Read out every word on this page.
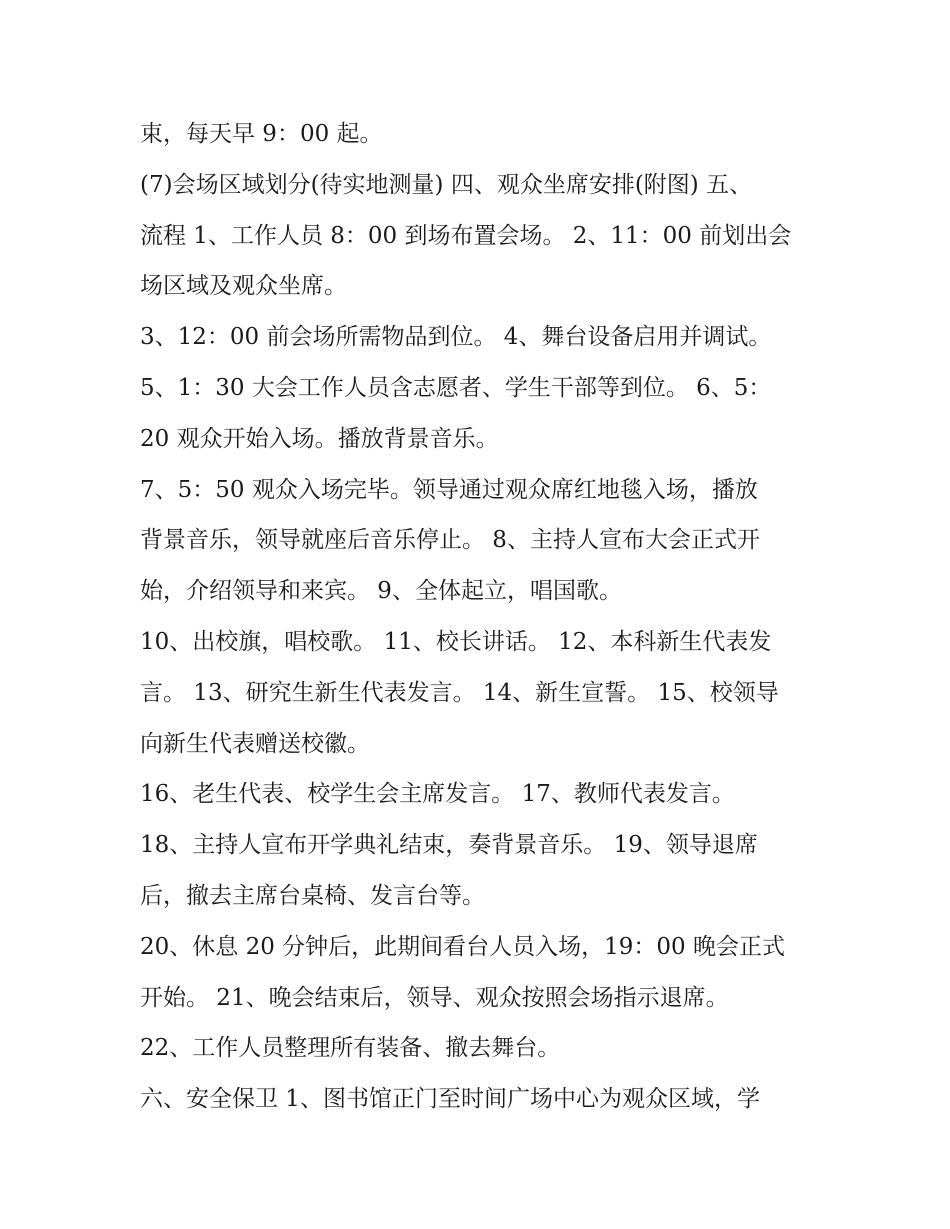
束，每天早 9：00 起。
(7)会场区域划分(待实地测量) 四、观众坐席安排(附图) 五、
流程 1、工作人员 8：00 到场布置会场。 2、11：00 前划出会
场区域及观众坐席。
3、12：00 前会场所需物品到位。 4、舞台设备启用并调试。
5、1：30 大会工作人员含志愿者、学生干部等到位。 6、5：
20 观众开始入场。播放背景音乐。
7、5：50 观众入场完毕。领导通过观众席红地毯入场，播放
背景音乐，领导就座后音乐停止。 8、主持人宣布大会正式开
始，介绍领导和来宾。 9、全体起立，唱国歌。
10、出校旗，唱校歌。 11、校长讲话。 12、本科新生代表发
言。 13、研究生新生代表发言。 14、新生宣誓。 15、校领导
向新生代表赠送校徽。
16、老生代表、校学生会主席发言。 17、教师代表发言。
18、主持人宣布开学典礼结束，奏背景音乐。 19、领导退席
后，撤去主席台桌椅、发言台等。
20、休息 20 分钟后，此期间看台人员入场，19：00 晚会正式
开始。 21、晚会结束后，领导、观众按照会场指示退席。
22、工作人员整理所有装备、撤去舞台。
六、安全保卫 1、图书馆正门至时间广场中心为观众区域，学
